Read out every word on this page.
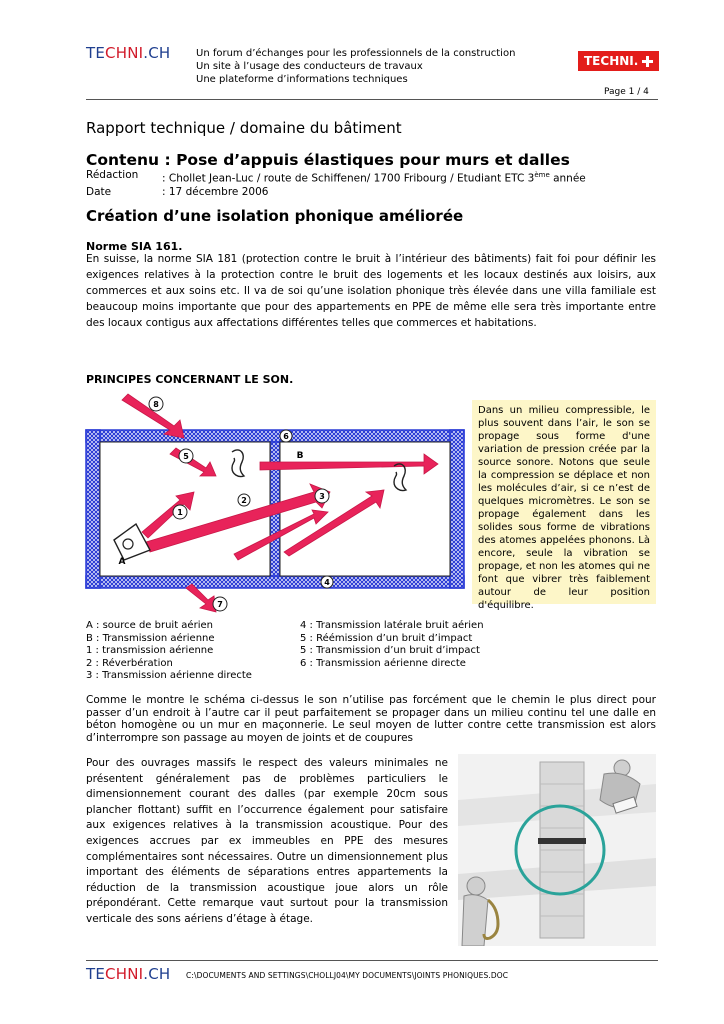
TECHNI.CH	Un forum d’échanges pour les professionnels de la construction
Un site à l’usage des conducteurs de travaux
Une plateforme d’informations techniques
TECHNI.
Page 1 / 4
Rapport technique / domaine du bâtiment
Contenu : Pose d’appuis élastiques pour murs et dalles
Rédaction	: Chollet Jean-Luc / route de Schiffenen/ 1700 Fribourg / Etudiant ETC 3ème année
Date	: 17 décembre 2006
Création d’une isolation phonique améliorée
Norme SIA 161.
En suisse, la norme SIA 181 (protection contre le bruit à l’intérieur des bâtiments) fait foi pour définir les exigences relatives à la protection contre le bruit des logements et les locaux destinés aux loisirs, aux commerces et aux soins etc. Il va de soi qu’une isolation phonique très élevée dans une villa familiale est beaucoup moins importante que pour des appartements en PPE de même elle sera très importante entre des locaux contigus aux affectations différentes telles que commerces et habitations.
PRINCIPES CONCERNANT LE SON.
8
6
5
1
2	3
4
7
A
B
Dans un milieu compressible, le plus souvent dans l’air, le son se propage sous forme d'une variation de pression créée par la source sonore. Notons que seule la compression se déplace et non les molécules d’air, si ce n’est de quelques micromètres. Le son se propage également dans les solides sous forme de vibrations des atomes appelées phonons. Là encore, seule la vibration se propage, et non les atomes qui ne font que vibrer très faiblement autour de leur position d'équilibre.
A : source de bruit aérien
B : Transmission aérienne
1 : transmission aérienne
2 : Réverbération
3 : Transmission aérienne directe
4 : Transmission latérale bruit aérien
5 : Réémission d’un bruit d’impact
5 : Transmission d’un bruit d’impact
6 : Transmission aérienne directe
Comme le montre le schéma ci-dessus le son n’utilise pas forcément que le chemin le plus direct pour passer d’un endroit à l’autre car il peut parfaitement se propager dans un milieu continu tel une dalle en béton homogène ou un mur en maçonnerie. Le seul moyen de lutter contre cette transmission est alors d’interrompre son passage au moyen de joints et de coupures
Pour des ouvrages massifs le respect des valeurs minimales ne présentent généralement pas de problèmes particuliers le dimensionnement courant des dalles (par exemple 20cm sous plancher flottant) suffit en l’occurrence également pour satisfaire aux exigences relatives à la transmission acoustique. Pour des exigences accrues par ex immeubles en PPE des mesures complémentaires sont nécessaires. Outre un dimensionnement plus important des éléments de séparations entres appartements la réduction de la transmission acoustique joue alors un rôle prépondérant. Cette remarque vaut surtout pour la transmission verticale des sons aériens d’étage à étage.
TECHNI.CH C:\DOCUMENTS AND SETTINGS\CHOLLJ04\MY DOCUMENTS\JOINTS PHONIQUES.DOC
